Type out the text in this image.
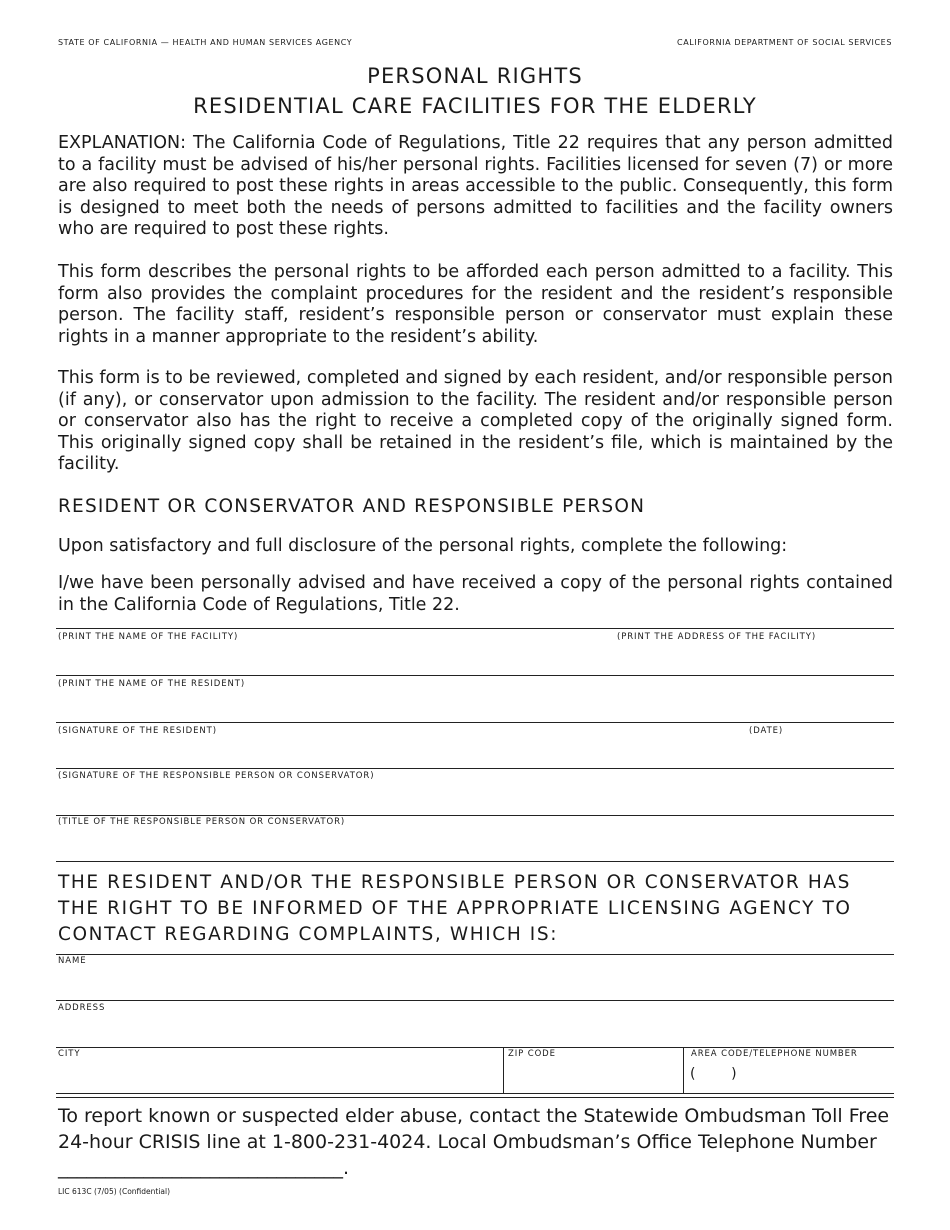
STATE OF CALIFORNIA — HEALTH AND HUMAN SERVICES AGENCY	CALIFORNIA DEPARTMENT OF SOCIAL SERVICES
PERSONAL RIGHTS
RESIDENTIAL CARE FACILITIES FOR THE ELDERLY
EXPLANATION: The California Code of Regulations, Title 22 requires that any person admitted to a facility must be advised of his/her personal rights. Facilities licensed for seven (7) or more are also required to post these rights in areas accessible to the public. Consequently, this form is designed to meet both the needs of persons admitted to facilities and the facility owners who are required to post these rights.
This form describes the personal rights to be afforded each person admitted to a facility. This form also provides the complaint procedures for the resident and the resident’s responsible person. The facility staff, resident’s responsible person or conservator must explain these rights in a manner appropriate to the resident’s ability.
This form is to be reviewed, completed and signed by each resident, and/or responsible person (if any), or conservator upon admission to the facility. The resident and/or responsible person or conservator also has the right to receive a completed copy of the originally signed form. This originally signed copy shall be retained in the resident’s file, which is maintained by the facility.
RESIDENT OR CONSERVATOR AND RESPONSIBLE PERSON
Upon satisfactory and full disclosure of the personal rights, complete the following:
I/we have been personally advised and have received a copy of the personal rights contained in the California Code of Regulations, Title 22.
(PRINT THE NAME OF THE FACILITY)	(PRINT THE ADDRESS OF THE FACILITY)
(PRINT THE NAME OF THE RESIDENT)
(SIGNATURE OF THE RESIDENT)	(DATE)
(SIGNATURE OF THE RESPONSIBLE PERSON OR CONSERVATOR)
(TITLE OF THE RESPONSIBLE PERSON OR CONSERVATOR)
THE RESIDENT AND/OR THE RESPONSIBLE PERSON OR CONSERVATOR HAS THE RIGHT TO BE INFORMED OF THE APPROPRIATE LICENSING AGENCY TO CONTACT REGARDING COMPLAINTS, WHICH IS:
NAME
ADDRESS
CITY	ZIP CODE	AREA CODE/TELEPHONE NUMBER
(        )
To report known or suspected elder abuse, contact the Statewide Ombudsman Toll Free 24-hour CRISIS line at 1-800-231-4024. Local Ombudsman’s Office Telephone Number ______________________________.
LIC 613C (7/05) (Confidential)
